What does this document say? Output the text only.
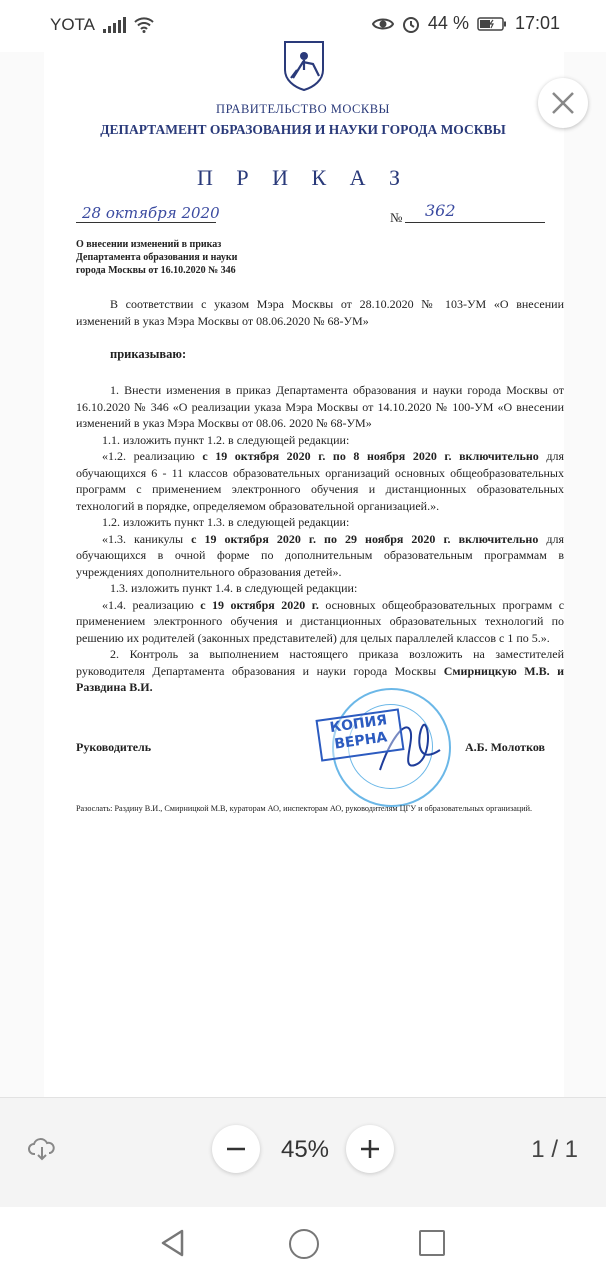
YOTA	44 %	17:01
ПРАВИТЕЛЬСТВО МОСКВЫ
ДЕПАРТАМЕНТ ОБРАЗОВАНИЯ И НАУКИ ГОРОДА МОСКВЫ
П Р И К А З
28 октября 2020	№ 362
О внесении изменений в приказ
Департамента образования и науки
города Москвы от 16.10.2020 № 346
В соответствии с указом Мэра Москвы от 28.10.2020 № 103-УМ «О внесении изменений в указ Мэра Москвы от 08.06.2020 № 68-УМ»
приказываю:

1. Внести изменения в приказ Департамента образования и науки города Москвы от 16.10.2020 № 346 «О реализации указа Мэра Москвы от 14.10.2020 № 100-УМ «О внесении изменений в указ Мэра Москвы от 08.06. 2020 № 68-УМ»

1.1. изложить пункт 1.2. в следующей редакции:

«1.2. реализацию с 19 октября 2020 г. по 8 ноября 2020 г. включительно для обучающихся 6 - 11 классов образовательных организаций основных общеобразовательных программ с применением электронного обучения и дистанционных образовательных технологий в порядке, определяемом образовательной организацией.».

1.2. изложить пункт 1.3. в следующей редакции:

«1.3. каникулы с 19 октября 2020 г. по 29 ноября 2020 г. включительно для обучающихся в очной форме по дополнительным образовательным программам в учреждениях дополнительного образования детей».

1.3. изложить пункт 1.4. в следующей редакции:

«1.4. реализацию с 19 октября 2020 г. основных общеобразовательных программ с применением электронного обучения и дистанционных образовательных технологий по решению их родителей (законных представителей) для целых параллелей классов с 1 по 5.».

2. Контроль за выполнением настоящего приказа возложить на заместителей руководителя Департамента образования и науки города Москвы Смирницкую М.В. и Развдина В.И.

КОПИЯ ВЕРНА
Руководитель	А.Б. Молотков
Разослать: Раздину В.И., Смирницкой М.В, кураторам АО, инспекторам АО, руководителям ЦГУ и образовательных организаций.
45%	1 / 1
